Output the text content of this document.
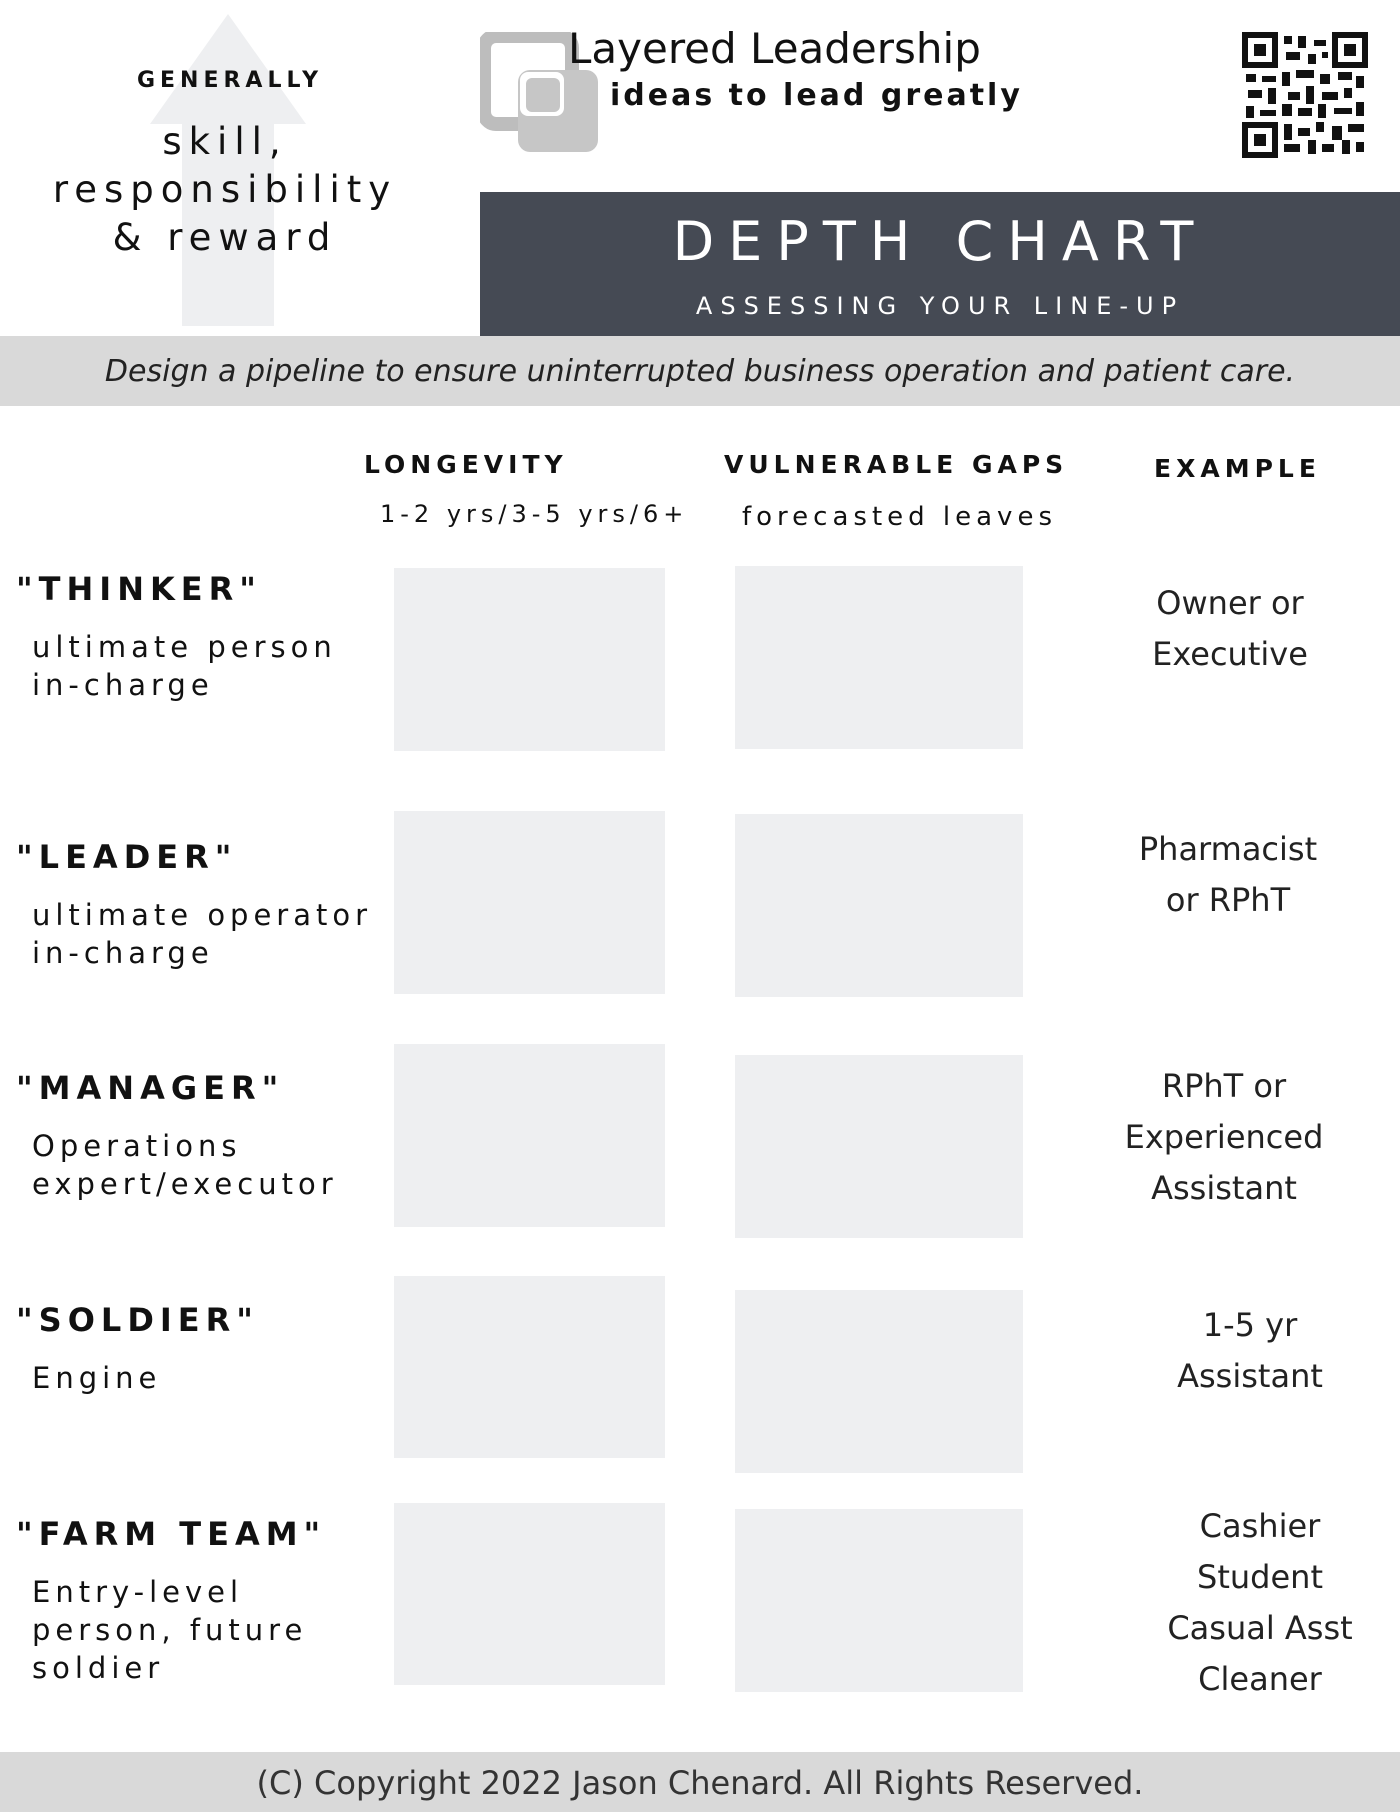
GENERALLY
skill,
responsibility
& reward
Layered Leadership
ideas to lead greatly
DEPTH CHART
ASSESSING YOUR LINE-UP
Design a pipeline to ensure uninterrupted business operation and patient care.
LONGEVITY
1-2 yrs/3-5 yrs/6+
VULNERABLE GAPS
forecasted leaves
EXAMPLE
"THINKER"
ultimate person
in-charge
Owner or
Executive
"LEADER"
ultimate operator
in-charge
Pharmacist
or RPhT
"MANAGER"
Operations
expert/executor
RPhT or
Experienced
Assistant
"SOLDIER"
Engine
1-5 yr
Assistant
"FARM TEAM"
Entry-level
person, future
soldier
Cashier
Student
Casual Asst
Cleaner
(C) Copyright 2022 Jason Chenard. All Rights Reserved.
